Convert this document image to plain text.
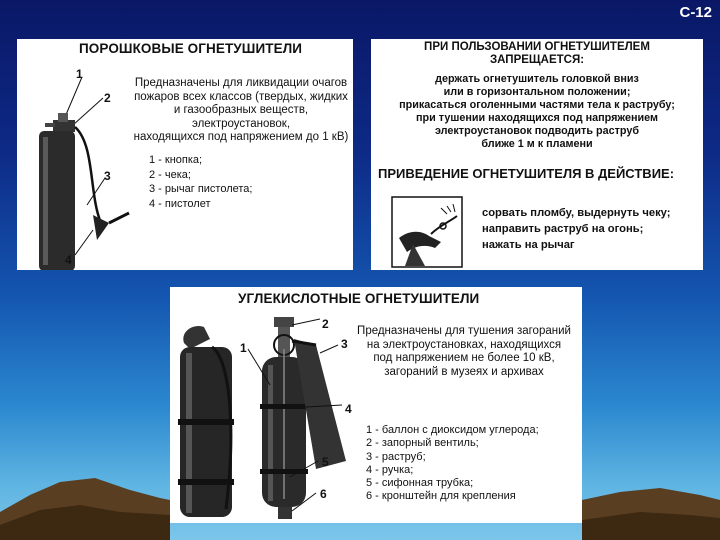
С-12
ПОРОШКОВЫЕ ОГНЕТУШИТЕЛИ
1
2
3
4
Предназначены для ликвидации очагов
пожаров всех классов (твердых, жидких
и газообразных веществ, электроустановок,
находящихся под напряжением до 1 кВ)
1 - кнопка;
2 - чека;
3 - рычаг пистолета;
4 - пистолет
ПРИ ПОЛЬЗОВАНИИ ОГНЕТУШИТЕЛЕМ
ЗАПРЕЩАЕТСЯ:
держать огнетушитель головкой вниз
или в горизонтальном положении;
прикасаться оголенными частями тела к раструбу;
при тушении находящихся под напряжением
электроустановок подводить раструб
ближе 1 м к пламени
ПРИВЕДЕНИЕ ОГНЕТУШИТЕЛЯ В ДЕЙСТВИЕ:
сорвать пломбу, выдернуть чеку;
направить раструб на огонь;
нажать на рычаг
УГЛЕКИСЛОТНЫЕ ОГНЕТУШИТЕЛИ
1
2
3
4
5
6
Предназначены для тушения загораний
на электроустановках, находящихся
под напряжением не более 10 кВ,
загораний в музеях и архивах
1 - баллон с диоксидом углерода;
2 - запорный вентиль;
3 - раструб;
4 - ручка;
5 - сифонная трубка;
6 - кронштейн для крепления
